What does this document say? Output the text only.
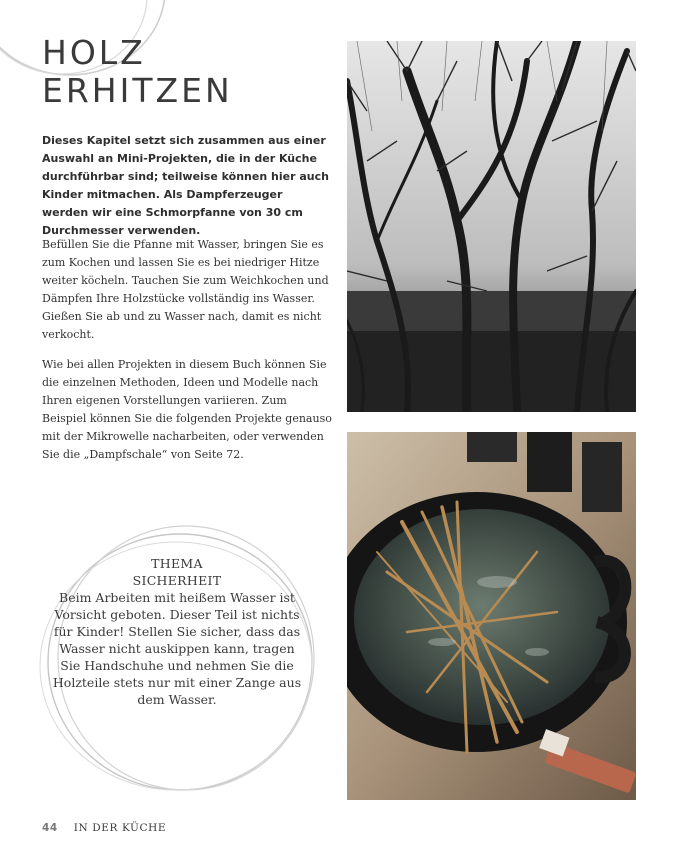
HOLZ
ERHITZEN

Dieses Kapitel setzt sich zusammen aus einer Auswahl an Mini-Projekten, die in der Küche durchführbar sind; teilweise können hier auch Kinder mitmachen. Als Dampferzeuger werden wir eine Schmorpfanne von 30 cm Durchmesser verwenden.

Befüllen Sie die Pfanne mit Wasser, bringen Sie es zum Kochen und lassen Sie es bei niedriger Hitze weiter köcheln. Tauchen Sie zum Weichkochen und Dämpfen Ihre Holzstücke vollständig ins Wasser. Gießen Sie ab und zu Wasser nach, damit es nicht verkocht.

Wie bei allen Projekten in diesem Buch können Sie die einzelnen Methoden, Ideen und Modelle nach Ihren eigenen Vorstellungen variieren. Zum Beispiel können Sie die folgenden Projekte genauso mit der Mikrowelle nacharbeiten, oder verwenden Sie die „Dampfschale“ von Seite 72.

THEMA
SICHERHEIT

Beim Arbeiten mit heißem Wasser ist Vorsicht geboten. Dieser Teil ist nichts für Kinder! Stellen Sie sicher, dass das Wasser nicht auskippen kann, tragen Sie Handschuhe und nehmen Sie die Holzteile stets nur mit einer Zange aus dem Wasser.

44 IN DER KÜCHE
